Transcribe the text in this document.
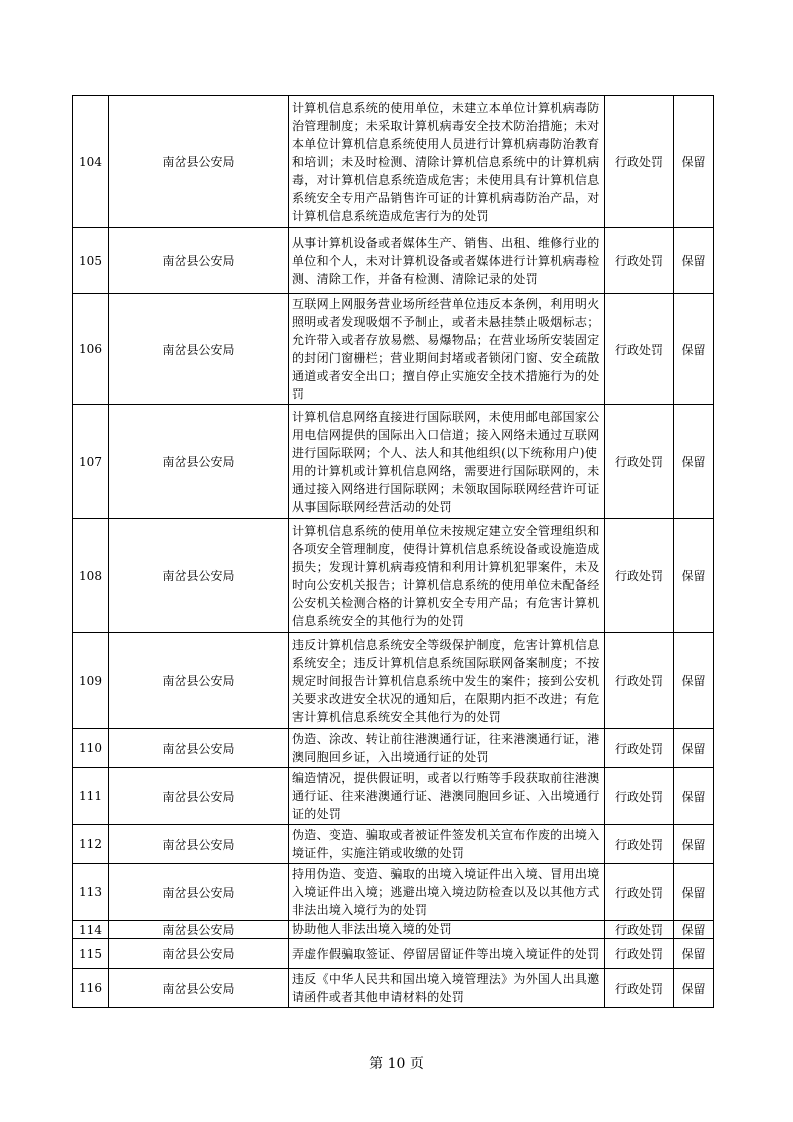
104	南岔县公安局	计算机信息系统的使用单位，未建立本单位计算机病毒防治管理制度；未采取计算机病毒安全技术防治措施；未对本单位计算机信息系统使用人员进行计算机病毒防治教育和培训；未及时检测、清除计算机信息系统中的计算机病毒，对计算机信息系统造成危害；未使用具有计算机信息系统安全专用产品销售许可证的计算机病毒防治产品，对计算机信息系统造成危害行为的处罚	行政处罚	保留
105	南岔县公安局	从事计算机设备或者媒体生产、销售、出租、维修行业的单位和个人，未对计算机设备或者媒体进行计算机病毒检测、清除工作，并备有检测、清除记录的处罚	行政处罚	保留
106	南岔县公安局	互联网上网服务营业场所经营单位违反本条例，利用明火照明或者发现吸烟不予制止，或者未悬挂禁止吸烟标志；允许带入或者存放易燃、易爆物品；在营业场所安装固定的封闭门窗栅栏；营业期间封堵或者锁闭门窗、安全疏散通道或者安全出口；擅自停止实施安全技术措施行为的处罚	行政处罚	保留
107	南岔县公安局	计算机信息网络直接进行国际联网，未使用邮电部国家公用电信网提供的国际出入口信道；接入网络未通过互联网进行国际联网；个人、法人和其他组织(以下统称用户)使用的计算机或计算机信息网络，需要进行国际联网的，未通过接入网络进行国际联网；未领取国际联网经营许可证从事国际联网经营活动的处罚	行政处罚	保留
108	南岔县公安局	计算机信息系统的使用单位未按规定建立安全管理组织和各项安全管理制度，使得计算机信息系统设备或设施造成损失；发现计算机病毒疫情和利用计算机犯罪案件，未及时向公安机关报告；计算机信息系统的使用单位未配备经公安机关检测合格的计算机安全专用产品；有危害计算机信息系统安全的其他行为的处罚	行政处罚	保留
109	南岔县公安局	违反计算机信息系统安全等级保护制度，危害计算机信息系统安全；违反计算机信息系统国际联网备案制度；不按规定时间报告计算机信息系统中发生的案件；接到公安机关要求改进安全状况的通知后，在限期内拒不改进；有危害计算机信息系统安全其他行为的处罚	行政处罚	保留
110	南岔县公安局	伪造、涂改、转让前往港澳通行证，往来港澳通行证，港澳同胞回乡证，入出境通行证的处罚	行政处罚	保留
111	南岔县公安局	编造情况，提供假证明，或者以行贿等手段获取前往港澳通行证、往来港澳通行证、港澳同胞回乡证、入出境通行证的处罚	行政处罚	保留
112	南岔县公安局	伪造、变造、骗取或者被证件签发机关宣布作废的出境入境证件，实施注销或收缴的处罚	行政处罚	保留
113	南岔县公安局	持用伪造、变造、骗取的出境入境证件出入境、冒用出境入境证件出入境；逃避出境入境边防检查以及以其他方式非法出境入境行为的处罚	行政处罚	保留
114	南岔县公安局	协助他人非法出境入境的处罚	行政处罚	保留
115	南岔县公安局	弄虚作假骗取签证、停留居留证件等出境入境证件的处罚	行政处罚	保留
116	南岔县公安局	违反《中华人民共和国出境入境管理法》为外国人出具邀请函件或者其他申请材料的处罚	行政处罚	保留
第 10 页
